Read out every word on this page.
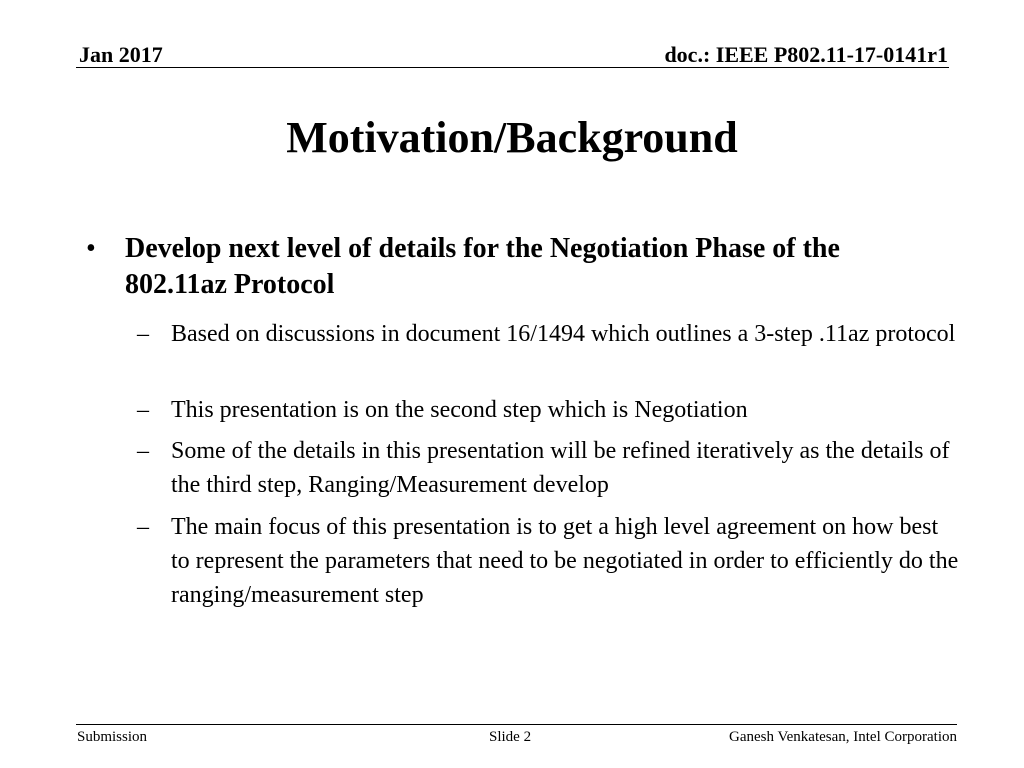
Jan 2017	doc.: IEEE P802.11-17-0141r1
Motivation/Background
• Develop next level of details for the Negotiation Phase of the 802.11az Protocol
– Based on discussions in document 16/1494 which outlines a 3-step .11az protocol
– This presentation is on the second step which is Negotiation
– Some of the details in this presentation will be refined iteratively as the details of the third step, Ranging/Measurement develop
– The main focus of this presentation is to get a high level agreement on how best to represent the parameters that need to be negotiated in order to efficiently do the ranging/measurement step
Submission	Slide 2	Ganesh Venkatesan, Intel Corporation
